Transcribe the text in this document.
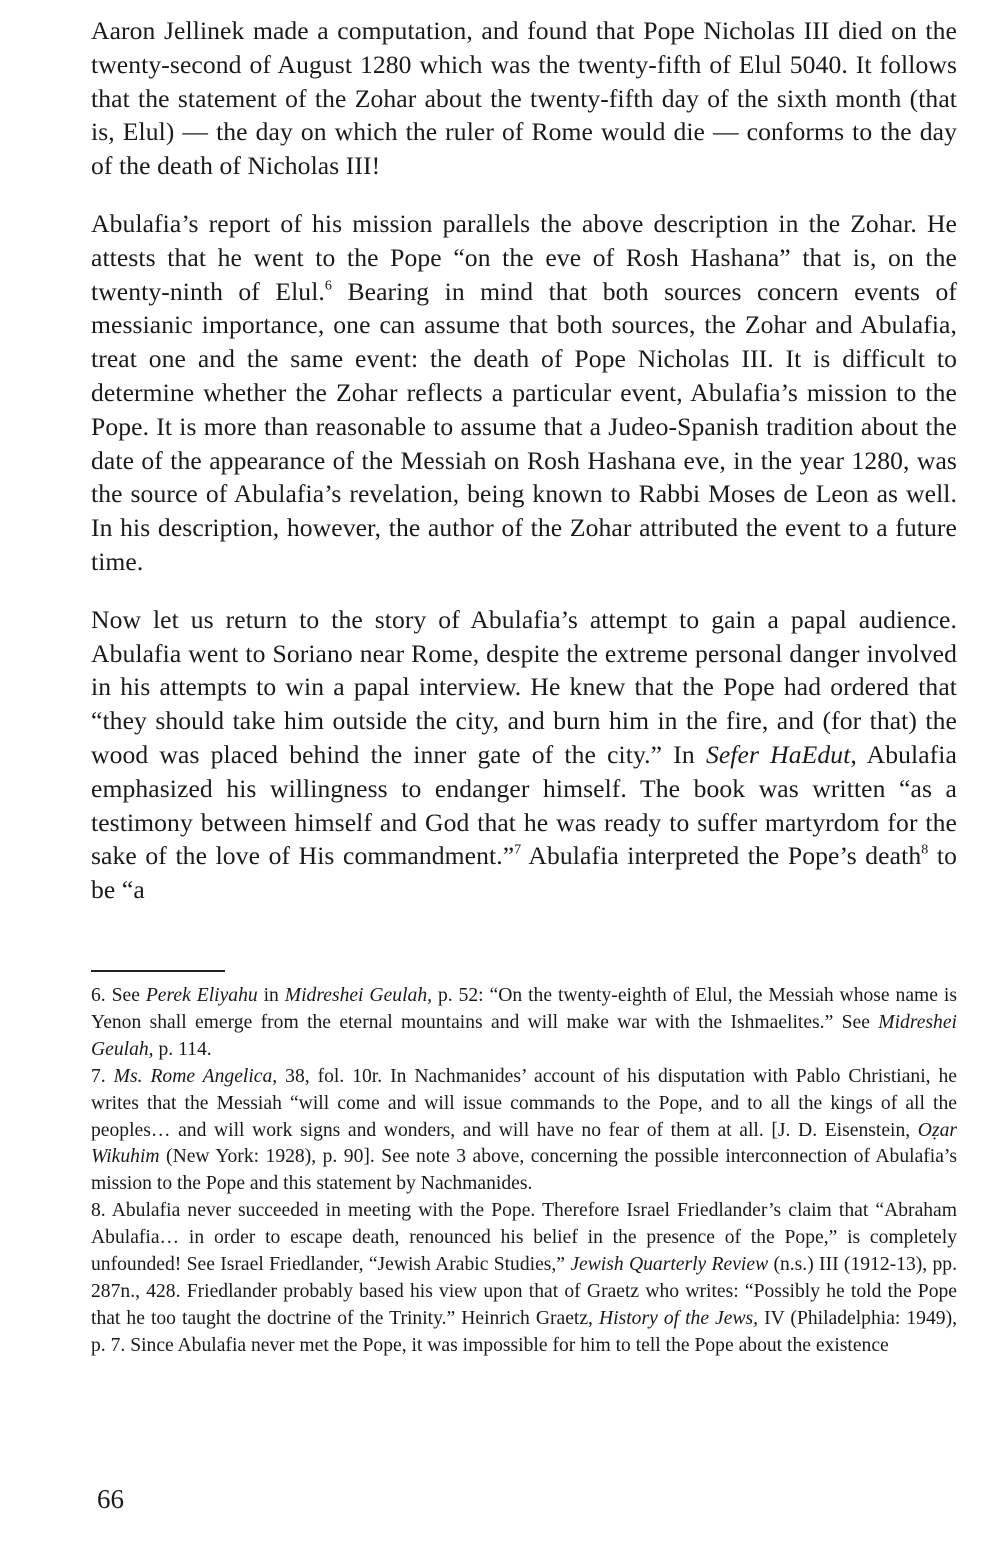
Aaron Jellinek made a computation, and found that Pope Nicholas III died on the twenty-second of August 1280 which was the twenty-fifth of Elul 5040. It follows that the statement of the Zohar about the twenty-fifth day of the sixth month (that is, Elul) — the day on which the ruler of Rome would die — conforms to the day of the death of Nicholas III!

Abulafia’s report of his mission parallels the above description in the Zohar. He attests that he went to the Pope “on the eve of Rosh Hashana” that is, on the twenty-ninth of Elul.$^6$ Bearing in mind that both sources concern events of messianic importance, one can assume that both sources, the Zohar and Abulafia, treat one and the same event: the death of Pope Nicholas III. It is difficult to determine whether the Zohar reflects a particular event, Abulafia’s mission to the Pope. It is more than reasonable to assume that a Judeo-Spanish tradition about the date of the appearance of the Messiah on Rosh Hashana eve, in the year 1280, was the source of Abulafia’s revelation, being known to Rabbi Moses de Leon as well. In his description, however, the author of the Zohar attributed the event to a future time.

Now let us return to the story of Abulafia’s attempt to gain a papal audience. Abulafia went to Soriano near Rome, despite the extreme personal danger involved in his attempts to win a papal interview. He knew that the Pope had ordered that “they should take him outside the city, and burn him in the fire, and (for that) the wood was placed behind the inner gate of the city.” In Sefer HaEdut, Abulafia emphasized his willingness to endanger himself. The book was written “as a testimony between himself and God that he was ready to suffer martyrdom for the sake of the love of His commandment.”$^7$ Abulafia interpreted the Pope’s death$^8$ to be “a

6. See Perek Eliyahu in Midreshei Geulah, p. 52: “On the twenty-eighth of Elul, the Messiah whose name is Yenon shall emerge from the eternal mountains and will make war with the Ishmaelites.” See Midreshei Geulah, p. 114.

7. Ms. Rome Angelica, 38, fol. 10r. In Nachmanides’ account of his disputation with Pablo Christiani, he writes that the Messiah “will come and will issue commands to the Pope, and to all the kings of all the peoples… and will work signs and wonders, and will have no fear of them at all. [J. D. Eisenstein, Oẓar Wikuhim (New York: 1928), p. 90]. See note 3 above, concerning the possible interconnection of Abulafia’s mission to the Pope and this statement by Nachmanides.

8. Abulafia never succeeded in meeting with the Pope. Therefore Israel Friedlander’s claim that “Abraham Abulafia… in order to escape death, renounced his belief in the presence of the Pope,” is completely unfounded! See Israel Friedlander, “Jewish Arabic Studies,” Jewish Quarterly Review (n.s.) III (1912-13), pp. 287n., 428. Friedlander probably based his view upon that of Graetz who writes: “Possibly he told the Pope that he too taught the doctrine of the Trinity.” Heinrich Graetz, History of the Jews, IV (Philadelphia: 1949), p. 7. Since Abulafia never met the Pope, it was impossible for him to tell the Pope about the existence

66
